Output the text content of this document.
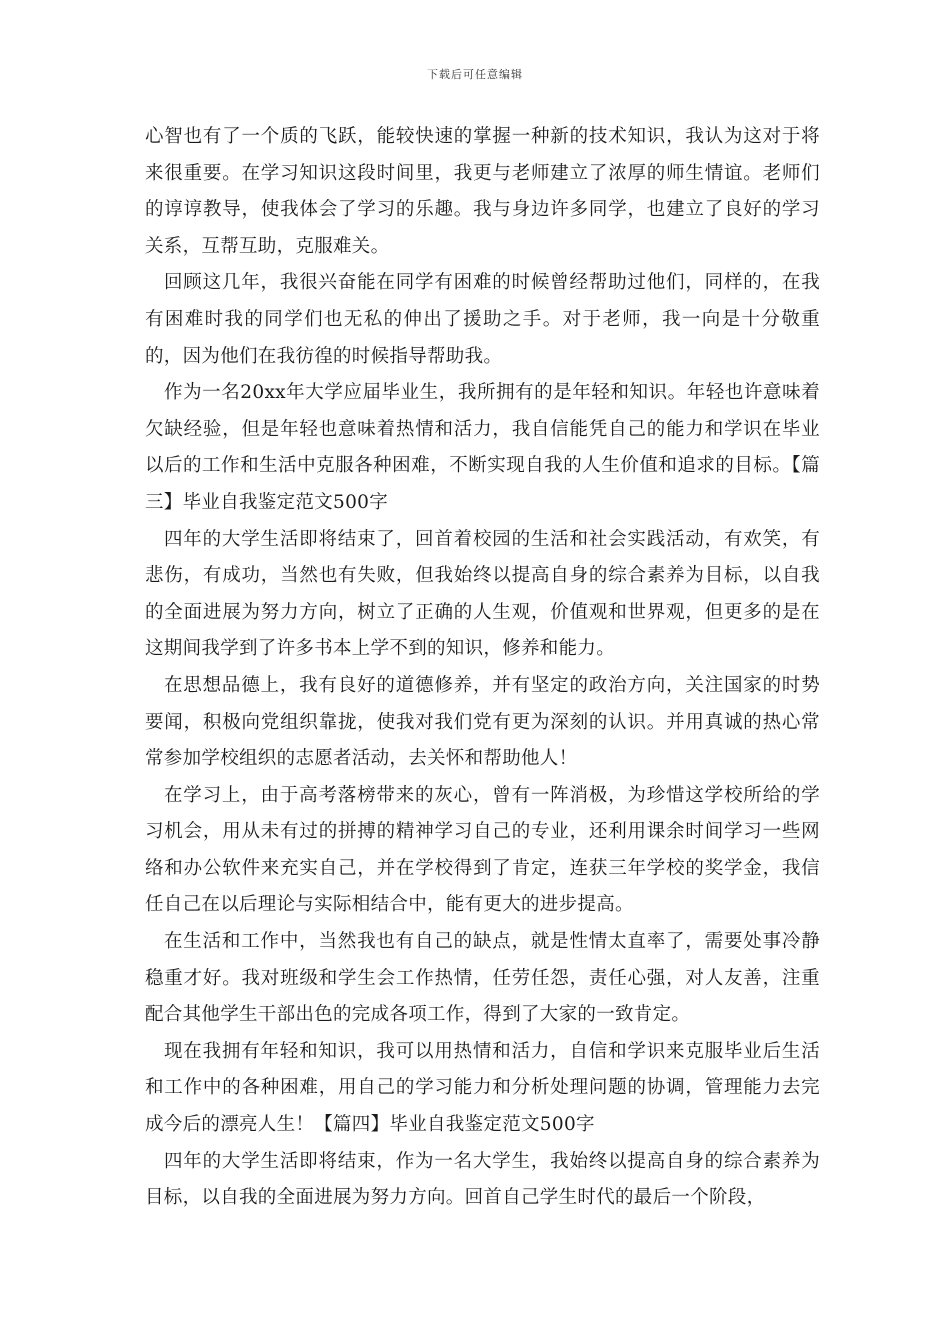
下载后可任意编辑

心智也有了一个质的飞跃，能较快速的掌握一种新的技术知识，我认为这对于将来很重要。在学习知识这段时间里，我更与老师建立了浓厚的师生情谊。老师们的谆谆教导，使我体会了学习的乐趣。我与身边许多同学，也建立了良好的学习关系，互帮互助，克服难关。

回顾这几年，我很兴奋能在同学有困难的时候曾经帮助过他们，同样的，在我有困难时我的同学们也无私的伸出了援助之手。对于老师，我一向是十分敬重的，因为他们在我彷徨的时候指导帮助我。

作为一名20xx年大学应届毕业生，我所拥有的是年轻和知识。年轻也许意味着欠缺经验，但是年轻也意味着热情和活力，我自信能凭自己的能力和学识在毕业以后的工作和生活中克服各种困难，不断实现自我的人生价值和追求的目标。【篇三】毕业自我鉴定范文500字

四年的大学生活即将结束了，回首着校园的生活和社会实践活动，有欢笑，有悲伤，有成功，当然也有失败，但我始终以提高自身的综合素养为目标，以自我的全面进展为努力方向，树立了正确的人生观，价值观和世界观，但更多的是在这期间我学到了许多书本上学不到的知识，修养和能力。

在思想品德上，我有良好的道德修养，并有坚定的政治方向，关注国家的时势要闻，积极向党组织靠拢，使我对我们党有更为深刻的认识。并用真诚的热心常常参加学校组织的志愿者活动，去关怀和帮助他人！

在学习上，由于高考落榜带来的灰心，曾有一阵消极，为珍惜这学校所给的学习机会，用从未有过的拼搏的精神学习自己的专业，还利用课余时间学习一些网络和办公软件来充实自己，并在学校得到了肯定，连获三年学校的奖学金，我信任自己在以后理论与实际相结合中，能有更大的进步提高。

在生活和工作中，当然我也有自己的缺点，就是性情太直率了，需要处事冷静稳重才好。我对班级和学生会工作热情，任劳任怨，责任心强，对人友善，注重配合其他学生干部出色的完成各项工作，得到了大家的一致肯定。

现在我拥有年轻和知识，我可以用热情和活力，自信和学识来克服毕业后生活和工作中的各种困难，用自己的学习能力和分析处理问题的协调，管理能力去完成今后的漂亮人生！【篇四】毕业自我鉴定范文500字

四年的大学生活即将结束，作为一名大学生，我始终以提高自身的综合素养为目标，以自我的全面进展为努力方向。回首自己学生时代的最后一个阶段，
